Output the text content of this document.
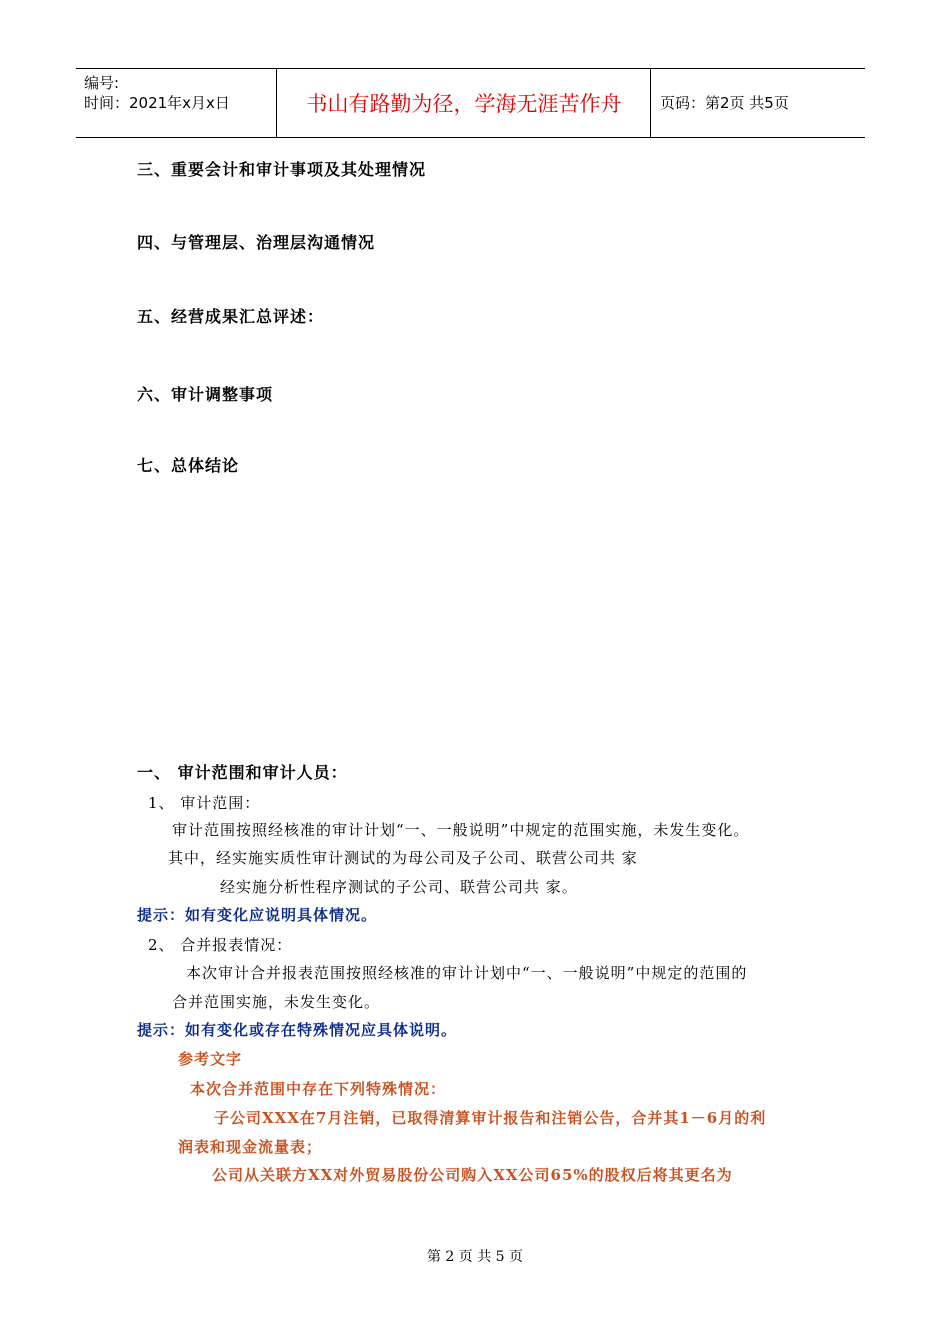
编号:
时间：2021年x月x日	书山有路勤为径，学海无涯苦作舟	页码：第2页 共5页
三、重要会计和审计事项及其处理情况
四、与管理层、治理层沟通情况
五、经营成果汇总评述：
六、审计调整事项
七、总体结论
一、 审计范围和审计人员：
1、 审计范围：
审计范围按照经核准的审计计划“一、一般说明”中规定的范围实施，未发生变化。
其中，经实施实质性审计测试的为母公司及子公司、联营公司共 家
经实施分析性程序测试的子公司、联营公司共 家。
提示：如有变化应说明具体情况。
2、 合并报表情况：
本次审计合并报表范围按照经核准的审计计划中“一、一般说明”中规定的范围的
合并范围实施，未发生变化。
提示：如有变化或存在特殊情况应具体说明。
参考文字
本次合并范围中存在下列特殊情况：
子公司XXX在7月注销，已取得清算审计报告和注销公告，合并其1－6月的利
润表和现金流量表；
公司从关联方XX对外贸易股份公司购入XX公司65%的股权后将其更名为
第 2 页 共 5 页
